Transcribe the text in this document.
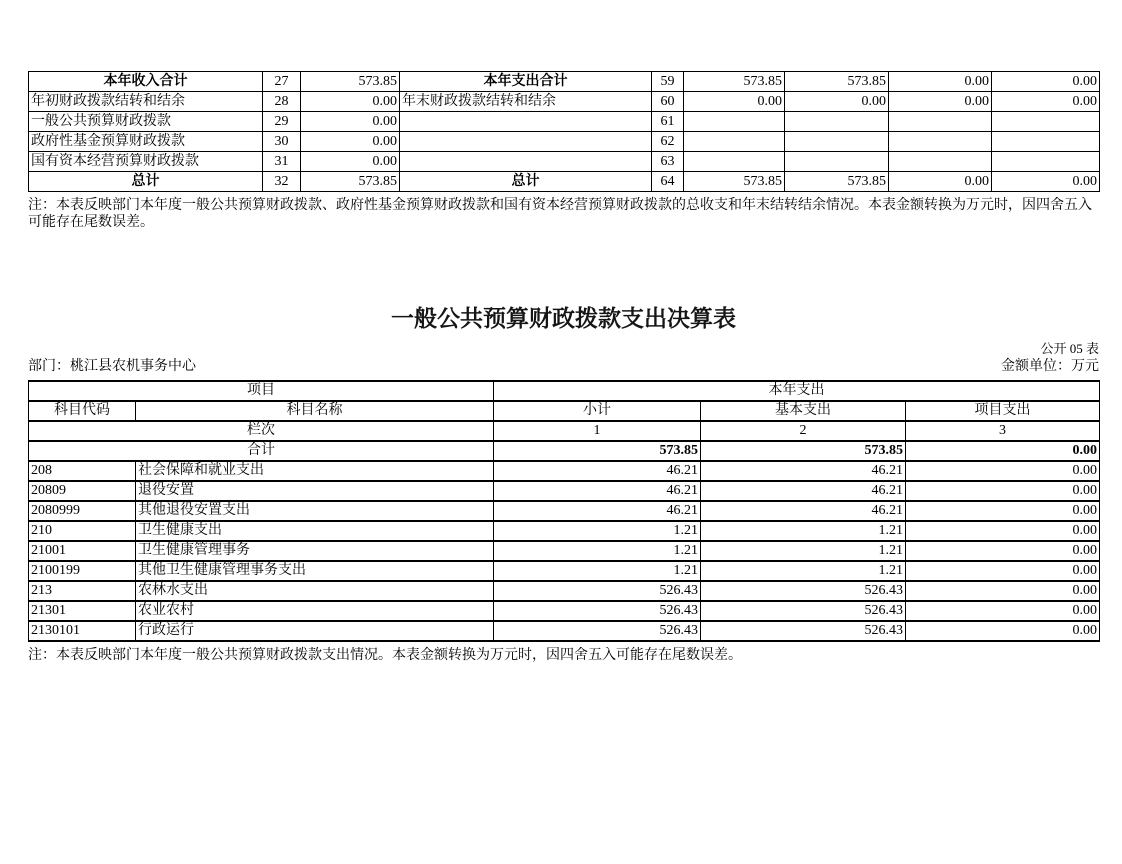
本年收入合计	27	573.85	本年支出合计	59	573.85	573.85	0.00	0.00
年初财政拨款结转和结余	28	0.00	年末财政拨款结转和结余	60	0.00	0.00	0.00	0.00
一般公共预算财政拨款	29	0.00		61				
政府性基金预算财政拨款	30	0.00		62				
国有资本经营预算财政拨款	31	0.00		63				
总计	32	573.85	总计	64	573.85	573.85	0.00	0.00
注：本表反映部门本年度一般公共预算财政拨款、政府性基金预算财政拨款和国有资本经营预算财政拨款的总收支和年末结转结余情况。本表金额转换为万元时，因四舍五入可能存在尾数误差。
一般公共预算财政拨款支出决算表
公开 05 表
部门：桃江县农机事务中心	金额单位：万元
项目		本年支出		
科目代码	科目名称	小计	基本支出	项目支出
栏次		1	2	3
合计		573.85	573.85	0.00
208	社会保障和就业支出	46.21	46.21	0.00
20809	退役安置	46.21	46.21	0.00
2080999	其他退役安置支出	46.21	46.21	0.00
210	卫生健康支出	1.21	1.21	0.00
21001	卫生健康管理事务	1.21	1.21	0.00
2100199	其他卫生健康管理事务支出	1.21	1.21	0.00
213	农林水支出	526.43	526.43	0.00
21301	农业农村	526.43	526.43	0.00
2130101	行政运行	526.43	526.43	0.00
注：本表反映部门本年度一般公共预算财政拨款支出情况。本表金额转换为万元时，因四舍五入可能存在尾数误差。
